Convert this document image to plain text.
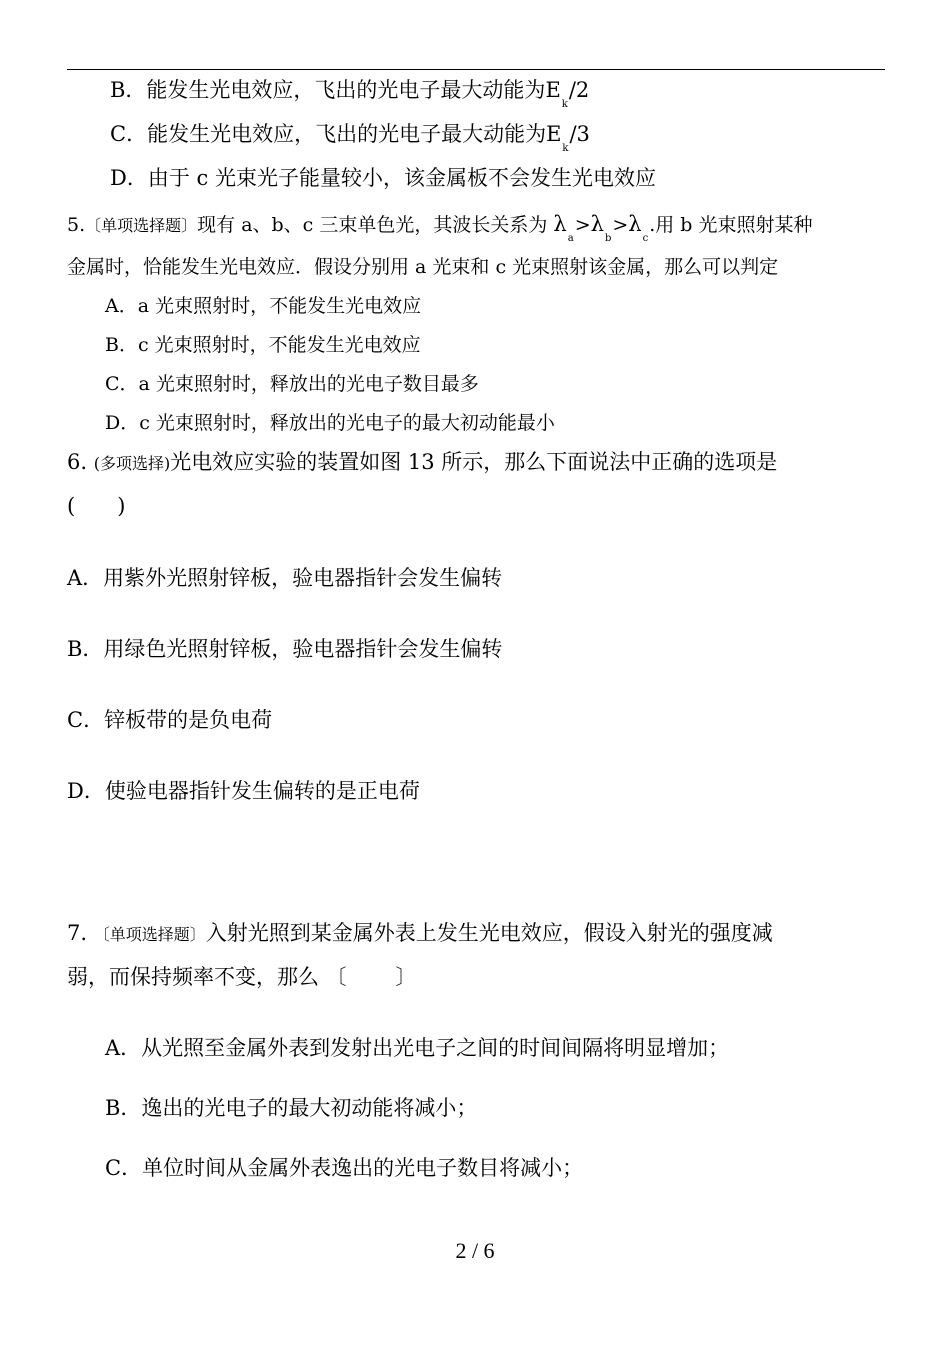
B．能发生光电效应，飞出的光电子最大动能为$E_k/2$
C．能发生光电效应，飞出的光电子最大动能为$E_k/3$
D．由于 c 光束光子能量较小，该金属板不会发生光电效应
5.〔单项选择题〕现有 a、b、c 三束单色光，其波长关系为 $\lambda_a>\lambda_b>\lambda_c$.用 b 光束照射某种
金属时，恰能发生光电效应．假设分别用 a 光束和 c 光束照射该金属，那么可以判定
A．a 光束照射时，不能发生光电效应
B．c 光束照射时，不能发生光电效应
C．a 光束照射时，释放出的光电子数目最多
D．c 光束照射时，释放出的光电子的最大初动能最小
6. (多项选择)光电效应实验的装置如图 13 所示，那么下面说法中正确的选项是
(　　)
A．用紫外光照射锌板，验电器指针会发生偏转
B．用绿色光照射锌板，验电器指针会发生偏转
C．锌板带的是负电荷
D．使验电器指针发生偏转的是正电荷
7. 〔单项选择题〕入射光照到某金属外表上发生光电效应，假设入射光的强度减
弱，而保持频率不变，那么 〔　　 〕
A．从光照至金属外表到发射出光电子之间的时间间隔将明显增加；
B．逸出的光电子的最大初动能将减小；
C．单位时间从金属外表逸出的光电子数目将减小；
2 / 6
